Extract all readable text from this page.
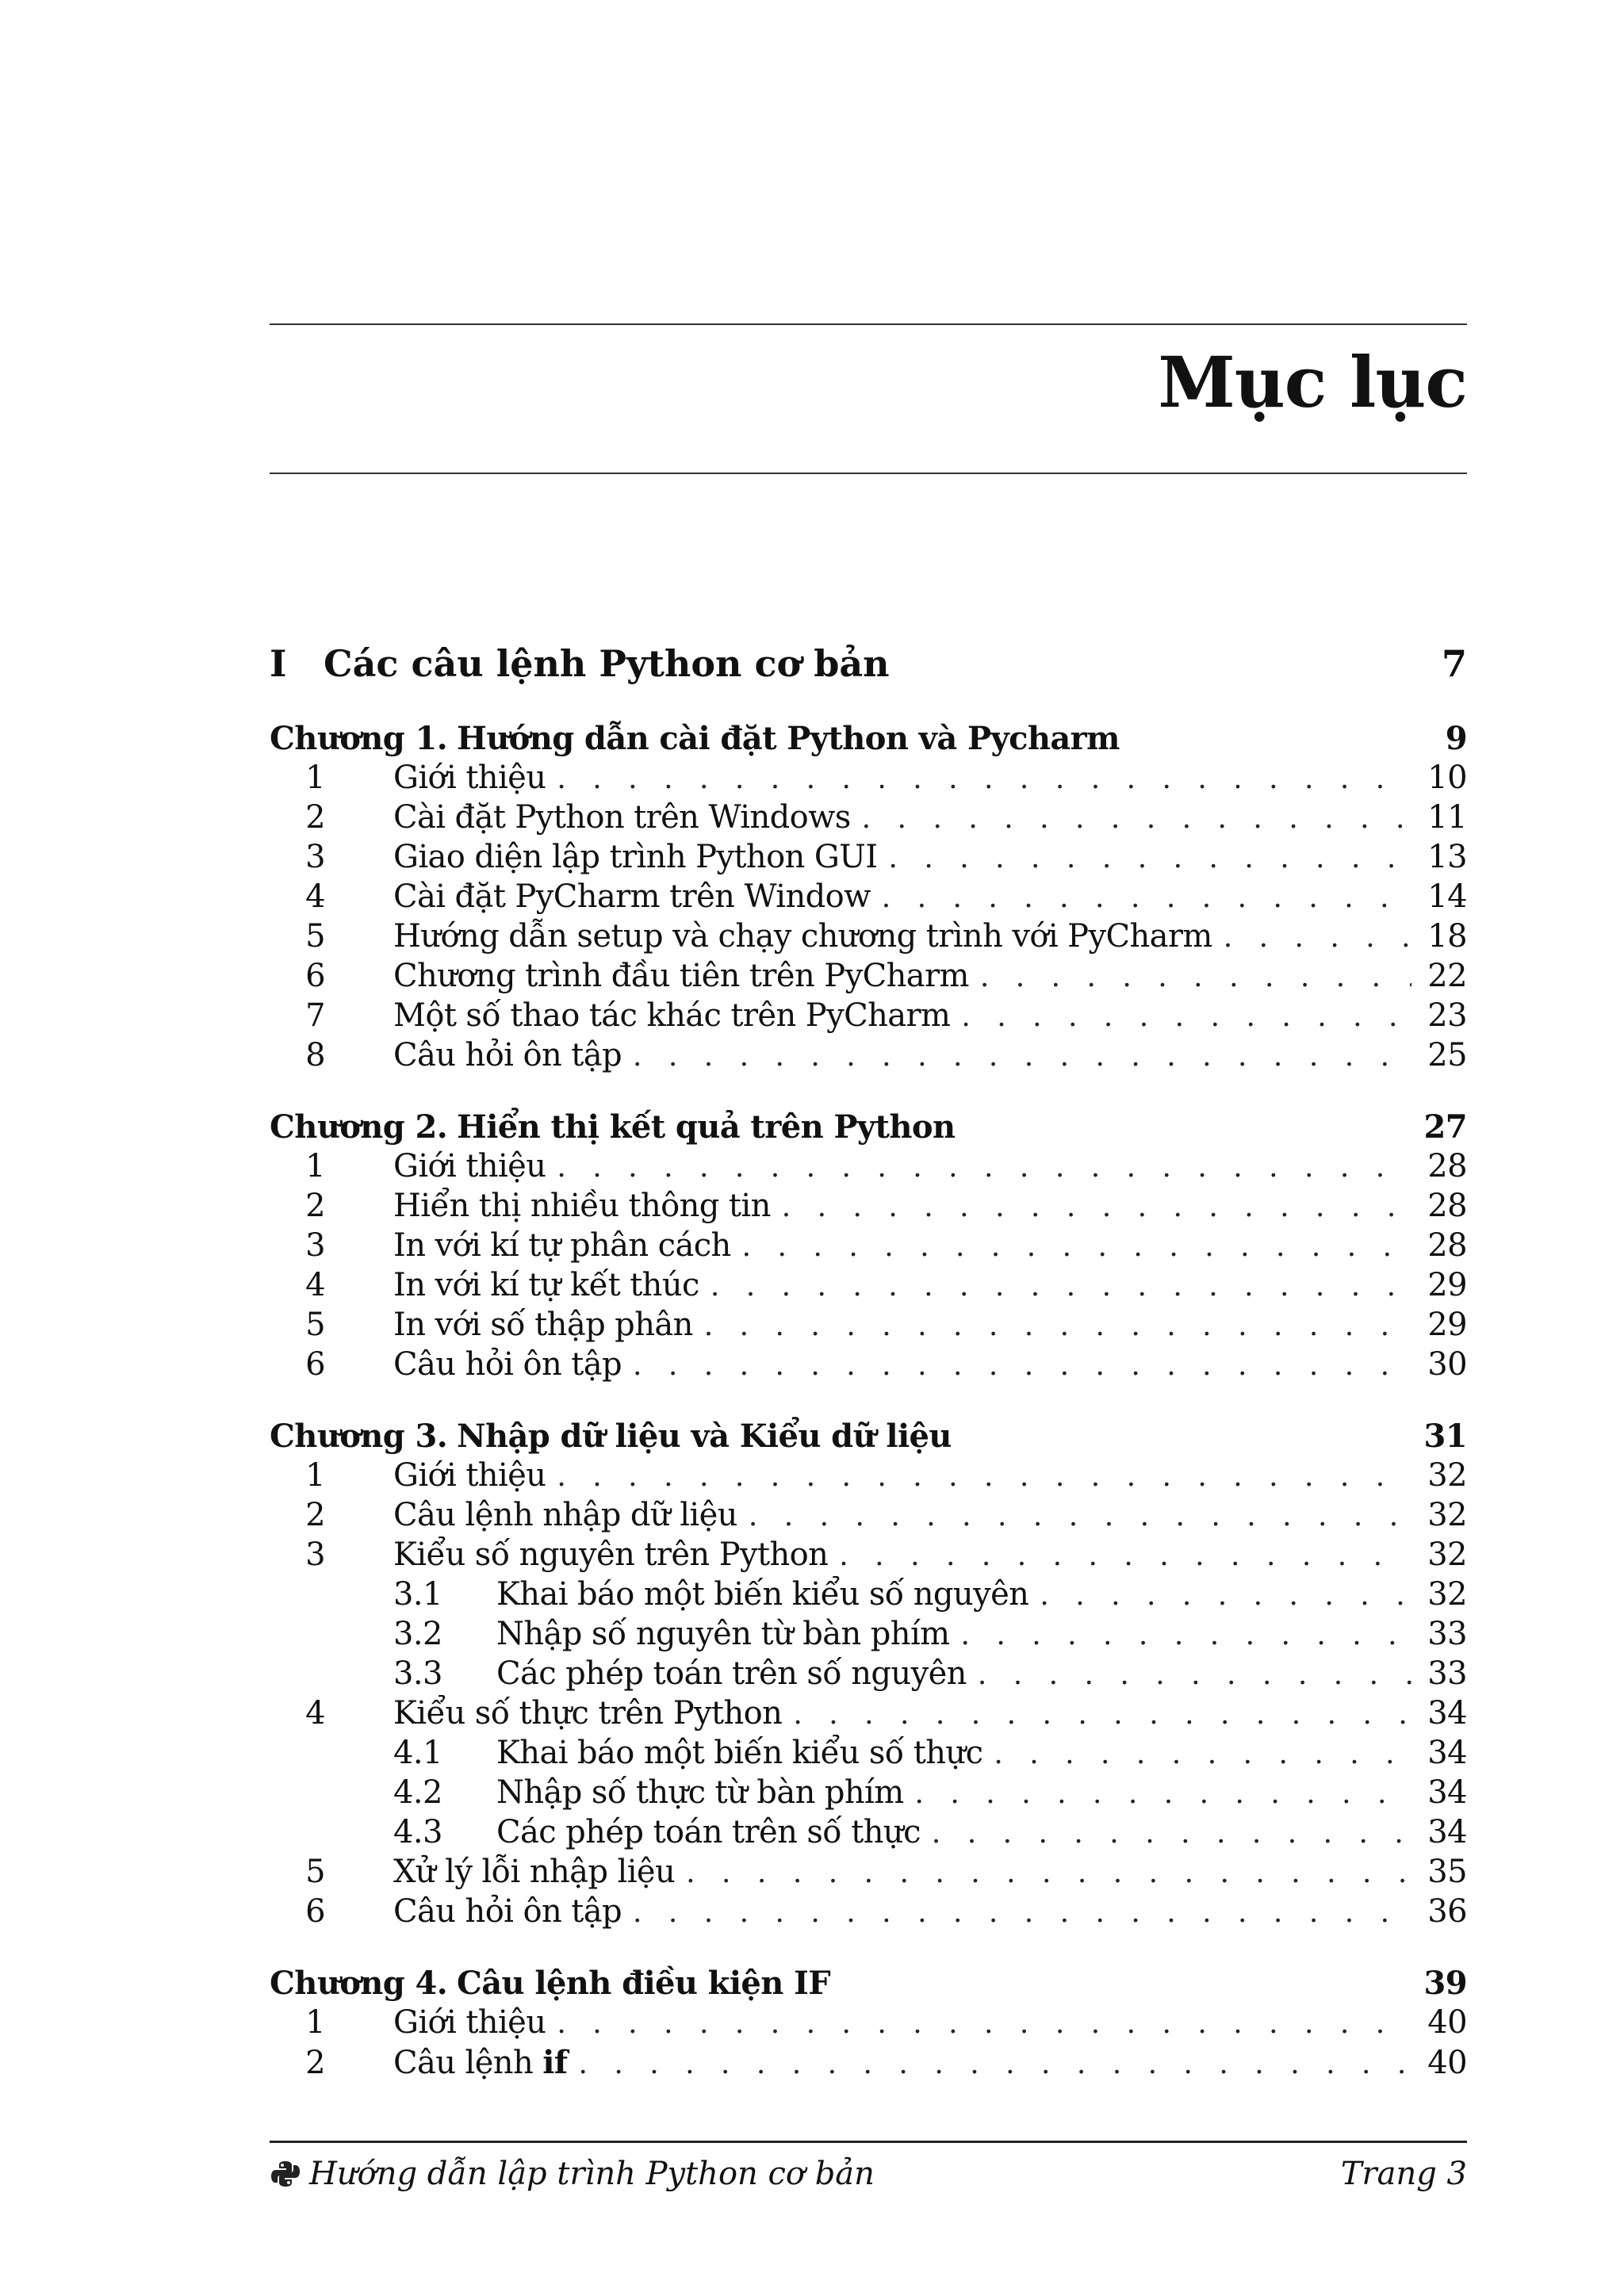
Mục lục
I	Các câu lệnh Python cơ bản	7
Chương 1. Hướng dẫn cài đặt Python và Pycharm	9
1	Giới thiệu . . .	10
2	Cài đặt Python trên Windows . . .	11
3	Giao diện lập trình Python GUI . . .	13
4	Cài đặt PyCharm trên Window . . .	14
5	Hướng dẫn setup và chạy chương trình với PyCharm . . .	18
6	Chương trình đầu tiên trên PyCharm . . .	22
7	Một số thao tác khác trên PyCharm . . .	23
8	Câu hỏi ôn tập . . .	25
Chương 2. Hiển thị kết quả trên Python	27
1	Giới thiệu . . .	28
2	Hiển thị nhiều thông tin . . .	28
3	In với kí tự phân cách . . .	28
4	In với kí tự kết thúc . . .	29
5	In với số thập phân . . .	29
6	Câu hỏi ôn tập . . .	30
Chương 3. Nhập dữ liệu và Kiểu dữ liệu	31
1	Giới thiệu . . .	32
2	Câu lệnh nhập dữ liệu . . .	32
3	Kiểu số nguyên trên Python . . .	32
3.1	Khai báo một biến kiểu số nguyên . . .	32
3.2	Nhập số nguyên từ bàn phím . . .	33
3.3	Các phép toán trên số nguyên . . .	33
4	Kiểu số thực trên Python . . .	34
4.1	Khai báo một biến kiểu số thực . . .	34
4.2	Nhập số thực từ bàn phím . . .	34
4.3	Các phép toán trên số thực . . .	34
5	Xử lý lỗi nhập liệu . . .	35
6	Câu hỏi ôn tập . . .	36
Chương 4. Câu lệnh điều kiện IF	39
1	Giới thiệu . . .	40
2	Câu lệnh if . . .	40
Hướng dẫn lập trình Python cơ bản	Trang 3
